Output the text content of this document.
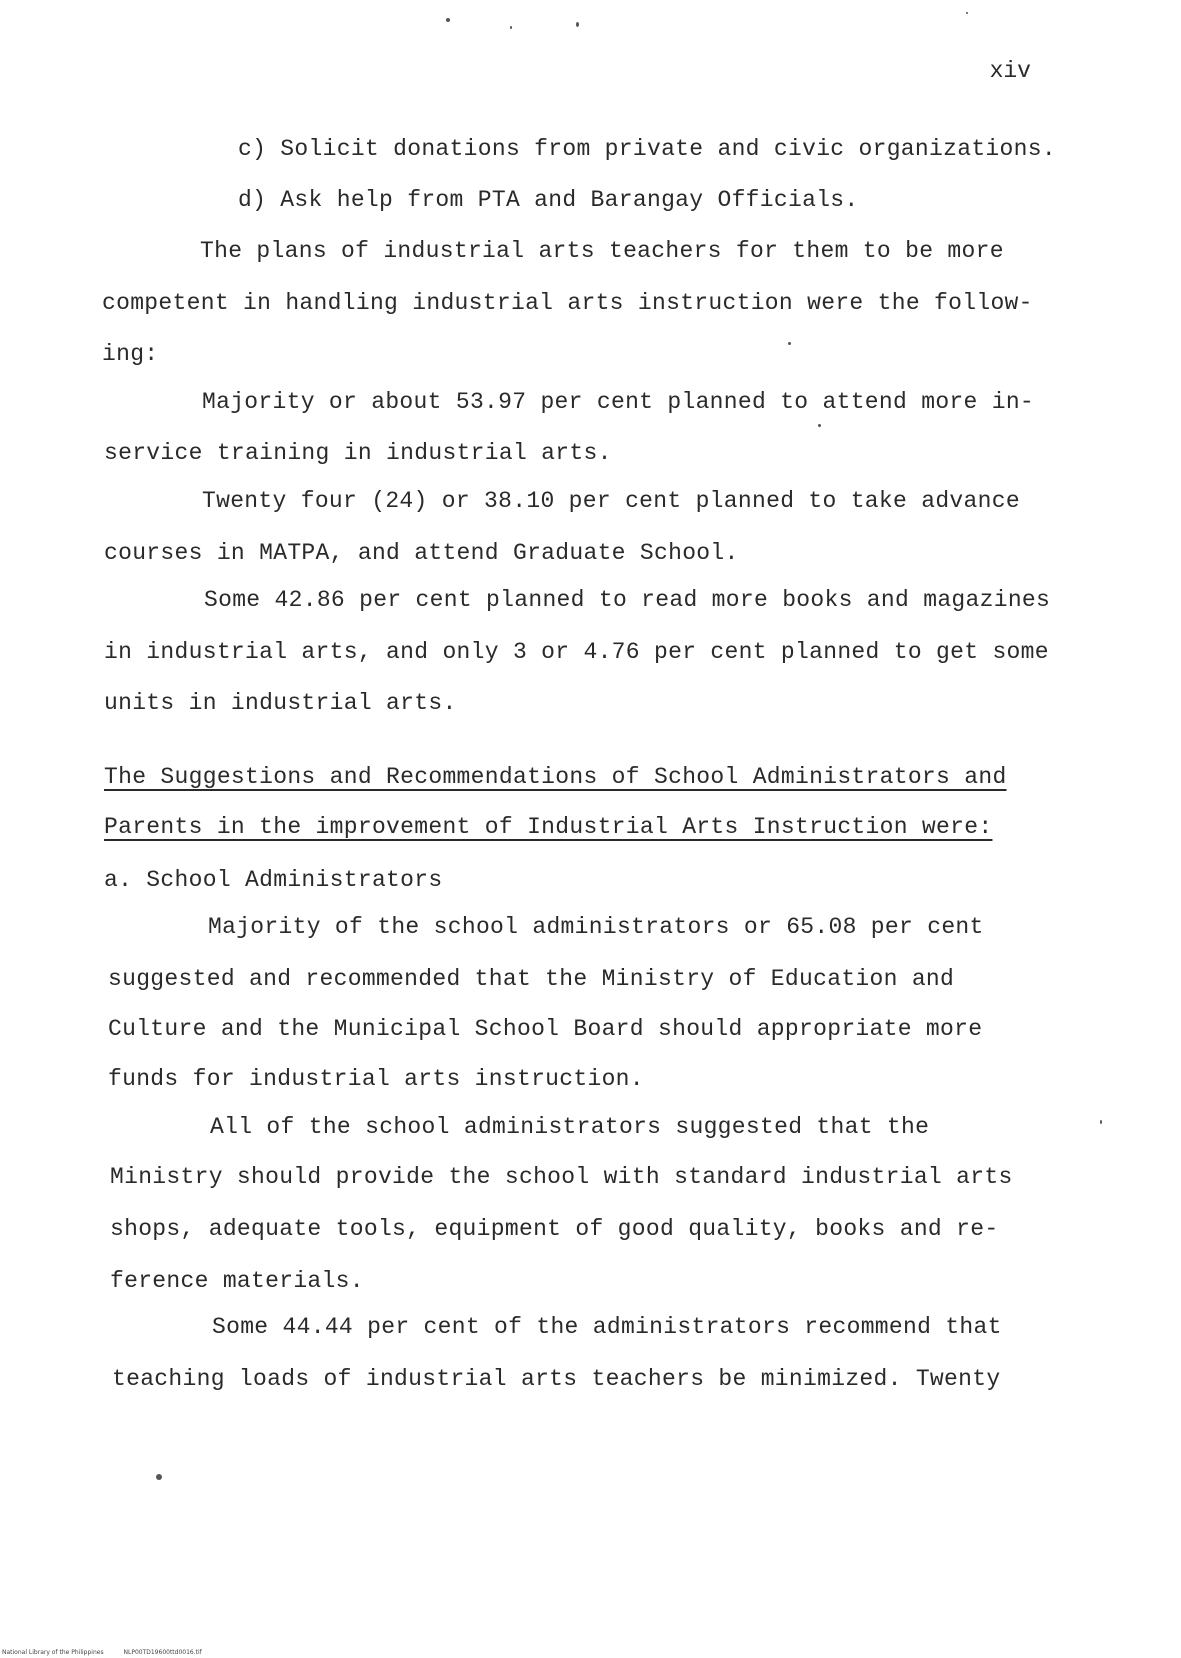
xiv
c) Solicit donations from private and civic organizations.
d) Ask help from PTA and Barangay Officials.
The plans of industrial arts teachers for them to be more
competent in handling industrial arts instruction were the follow-
ing:
Majority or about 53.97 per cent planned to attend more in-
service training in industrial arts.
Twenty four (24) or 38.10 per cent planned to take advance
courses in MATPA, and attend Graduate School.
Some 42.86 per cent planned to read more books and magazines
in industrial arts, and only 3 or 4.76 per cent planned to get some
units in industrial arts.
The Suggestions and Recommendations of School Administrators and
Parents in the improvement of Industrial Arts Instruction were:
a. School Administrators
Majority of the school administrators or 65.08 per cent
suggested and recommended that the Ministry of Education and
Culture and the Municipal School Board should appropriate more
funds for industrial arts instruction.
All of the school administrators suggested that the
Ministry should provide the school with standard industrial arts
shops, adequate tools, equipment of good quality, books and re-
ference materials.
Some 44.44 per cent of the administrators recommend that
teaching loads of industrial arts teachers be minimized. Twenty
National Library of the Philippines	NLP00TD19600ttd0016.tif
